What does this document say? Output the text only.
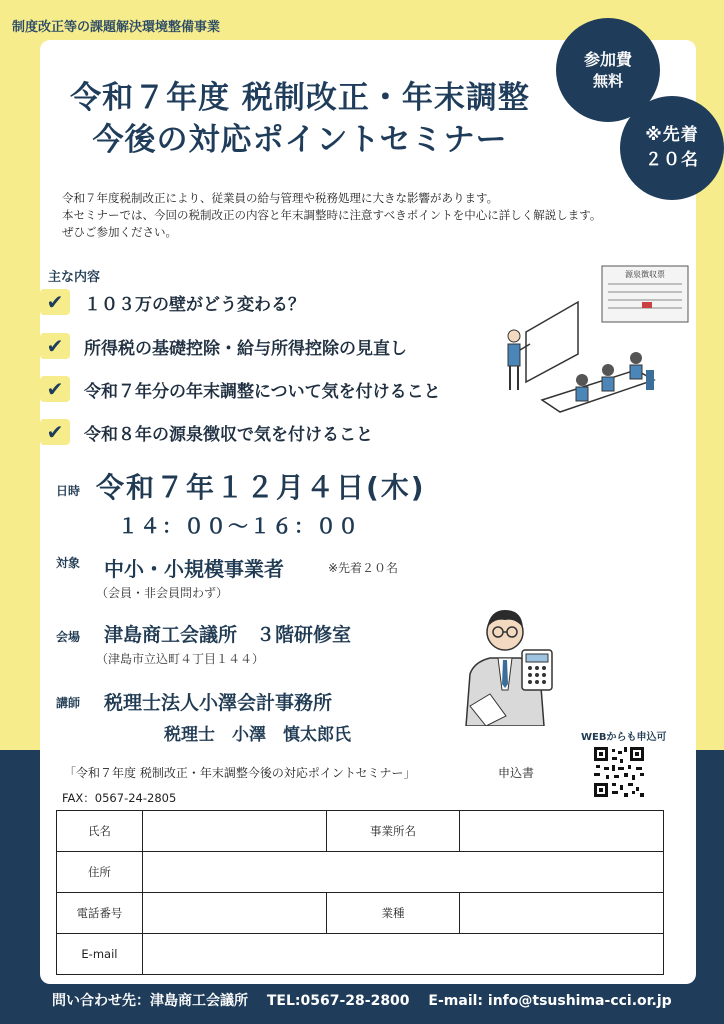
制度改正等の課題解決環境整備事業
参加費
無料
※先着
２０名
令和７年度 税制改正・年末調整
今後の対応ポイントセミナー
令和７年度税制改正により、従業員の給与管理や税務処理に大きな影響があります。
本セミナーでは、今回の税制改正の内容と年末調整時に注意すべきポイントを中心に詳しく解説します。
ぜひご参加ください。
主な内容
✔	１０３万の壁がどう変わる？
✔	所得税の基礎控除・給与所得控除の見直し
✔	令和７年分の年末調整について気を付けること
✔	令和８年の源泉徴収で気を付けること
源泉徴収票
日時 令和７年１２月４日(木)
１４：００～１６：００
対象 中小・小規模事業者	※先着２０名
（会員・非会員問わず）
会場 津島商工会議所　３階研修室
（津島市立込町４丁目１４４）
講師 税理士法人小澤会計事務所
税理士　小澤　慎太郎氏	WEBからも申込可
「令和７年度 税制改正・年末調整今後の対応ポイントセミナー」	申込書
FAX：0567-24-2805
氏名		事業所名	
住所			
電話番号		業種	
E-mail			
問い合わせ先：津島商工会議所 TEL:0567-28-2800 E-mail: info@tsushima-cci.or.jp
